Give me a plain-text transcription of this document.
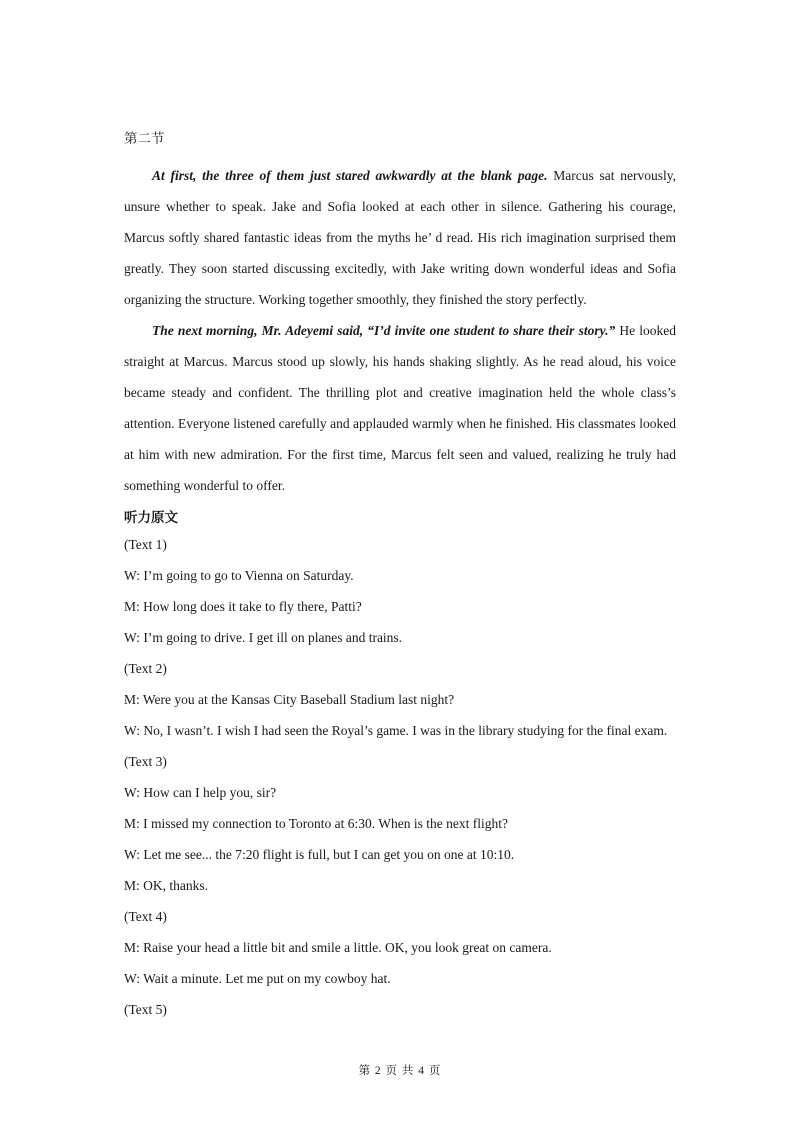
第二节

At first, the three of them just stared awkwardly at the blank page. Marcus sat nervously, unsure whether to speak. Jake and Sofia looked at each other in silence. Gathering his courage, Marcus softly shared fantastic ideas from the myths he’ d read. His rich imagination surprised them greatly. They soon started discussing excitedly, with Jake writing down wonderful ideas and Sofia organizing the structure. Working together smoothly, they finished the story perfectly.

The next morning, Mr. Adeyemi said, “I’d invite one student to share their story.” He looked straight at Marcus. Marcus stood up slowly, his hands shaking slightly. As he read aloud, his voice became steady and confident. The thrilling plot and creative imagination held the whole class’s attention. Everyone listened carefully and applauded warmly when he finished. His classmates looked at him with new admiration. For the first time, Marcus felt seen and valued, realizing he truly had something wonderful to offer.

听力原文
(Text 1)
W: I’m going to go to Vienna on Saturday.
M: How long does it take to fly there, Patti?
W: I’m going to drive. I get ill on planes and trains.
(Text 2)
M: Were you at the Kansas City Baseball Stadium last night?
W: No, I wasn’t. I wish I had seen the Royal’s game. I was in the library studying for the final exam.
(Text 3)
W: How can I help you, sir?
M: I missed my connection to Toronto at 6:30. When is the next flight?
W: Let me see... the 7:20 flight is full, but I can get you on one at 10:10.
M: OK, thanks.
(Text 4)
M: Raise your head a little bit and smile a little. OK, you look great on camera.
W: Wait a minute. Let me put on my cowboy hat.
(Text 5)
第 2 页 共 4 页
